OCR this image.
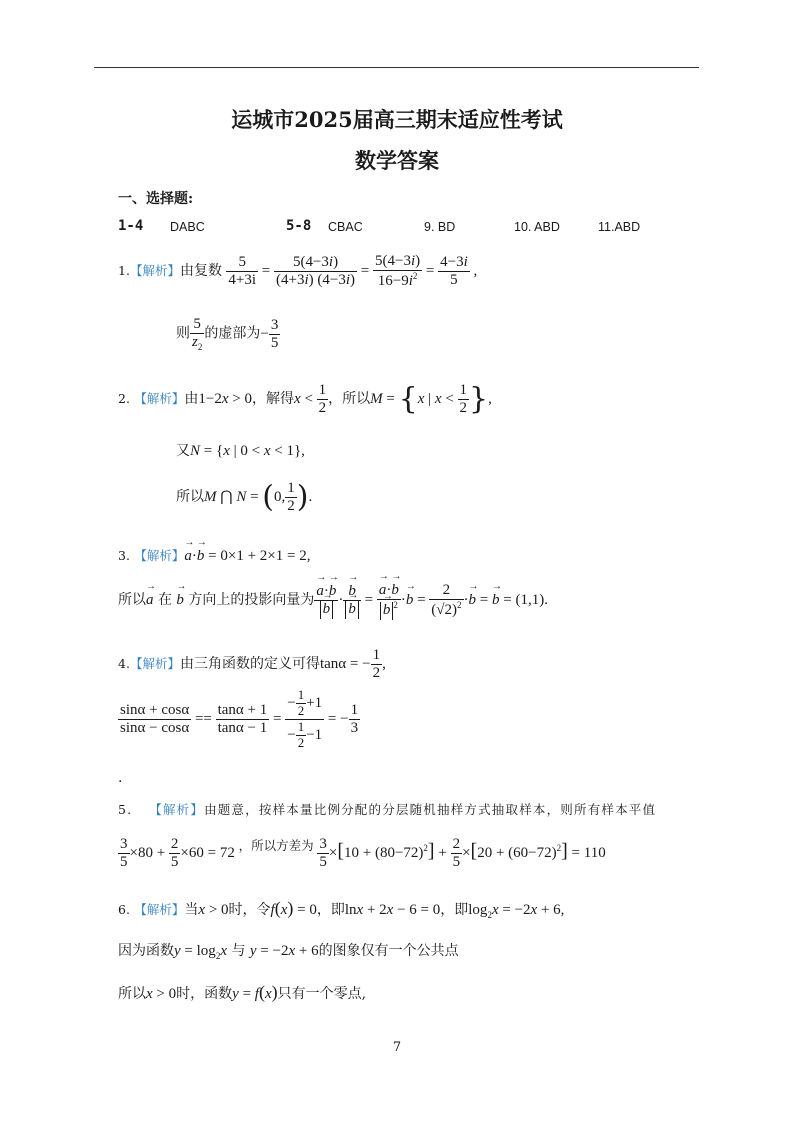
运城市2025届高三期末适应性考试
数学答案
一、选择题:
1-4 DABC	5-8 CBAC	9. BD	10. ABD	11.ABD
1.【解析】由复数 $\frac{5}{4+3i} = \frac{5(4-3i)}{(4+3i) (4-3i)} = \frac{5(4-3i)}{16-9i^2} = \frac{4-3i}{5}$ ,
则 $\frac{5}{z_2}$ 的虚部为− $\frac{3}{5}$
2. 【解析】由1−2x > 0，解得$x < \frac{1}{2}$ ，所以M = {x | $x < \frac{1}{2}$ },
又N = {x | 0 < x < 1},
所以M ⋂ N = (0, $\frac{1}{2}$ ).
3. 【解析】→ a·→ b = 0×1 + 2×1 = 2,
所以→ a 在 → b 方向上的投影向量为 → a·→ b
→ b · → b
→ b = → a·→ b
→ b $^2 \cdot\to b = \frac{2}{(√2)^2} \cdot\to b$ = → b = (1,1).
4.【解析】由三角函数的定义可得tanα = − $\frac{1}{2}$ ,
$\frac{\sin\alpha + \cos\alpha}{\sin\alpha - \cos\alpha} == \frac{\tan\alpha + 1}{\tan\alpha - 1} = \frac{- \frac{1}{2} +1}{- \frac{1}{2} -1}$ = − $\frac{1}{3}$
.
5. 【解析】由题意，按样本量比例分配的分层随机抽样方式抽取样本，则所有样本平值
$\frac{3}{5} \times 80 + \frac{2}{5} \times 60 = 72$ $^{,所以方差为} \frac{3}{5} \times[10 + (80-72)^2] + \frac{2}{5} \times[20 + (60-72)^2] = 110$
6. 【解析】当x > 0时，令f(x) = 0，即lnx + 2x − 6 = 0，即$\log_2x = -2x + 6$,
因为函数$y = \log_2x$ 与 y = −2x + 6的图象仅有一个公共点
所以x > 0时，函数y = f(x)只有一个零点,
7
